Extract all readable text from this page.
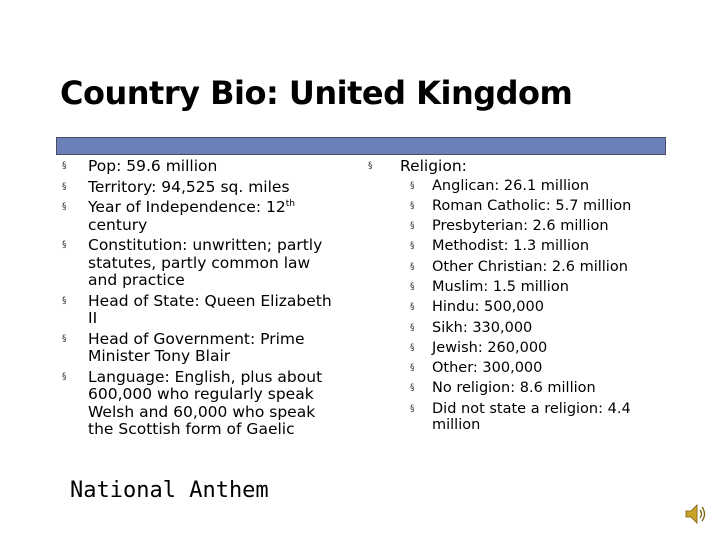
Country Bio: United Kingdom
§ Pop: 59.6 million
§ Territory: 94,525 sq. miles
§ Year of Independence: 12th century
§ Constitution: unwritten; partly statutes, partly common law and practice
§ Head of State: Queen Elizabeth II
§ Head of Government: Prime Minister Tony Blair
§ Language: English, plus about 600,000 who regularly speak Welsh and 60,000 who speak the Scottish form of Gaelic
§ Religion:
§ Anglican: 26.1 million
§ Roman Catholic: 5.7 million
§ Presbyterian: 2.6 million
§ Methodist: 1.3 million
§ Other Christian: 2.6 million
§ Muslim: 1.5 million
§ Hindu: 500,000
§ Sikh: 330,000
§ Jewish: 260,000
§ Other: 300,000
§ No religion: 8.6 million
§ Did not state a religion: 4.4 million
National Anthem
